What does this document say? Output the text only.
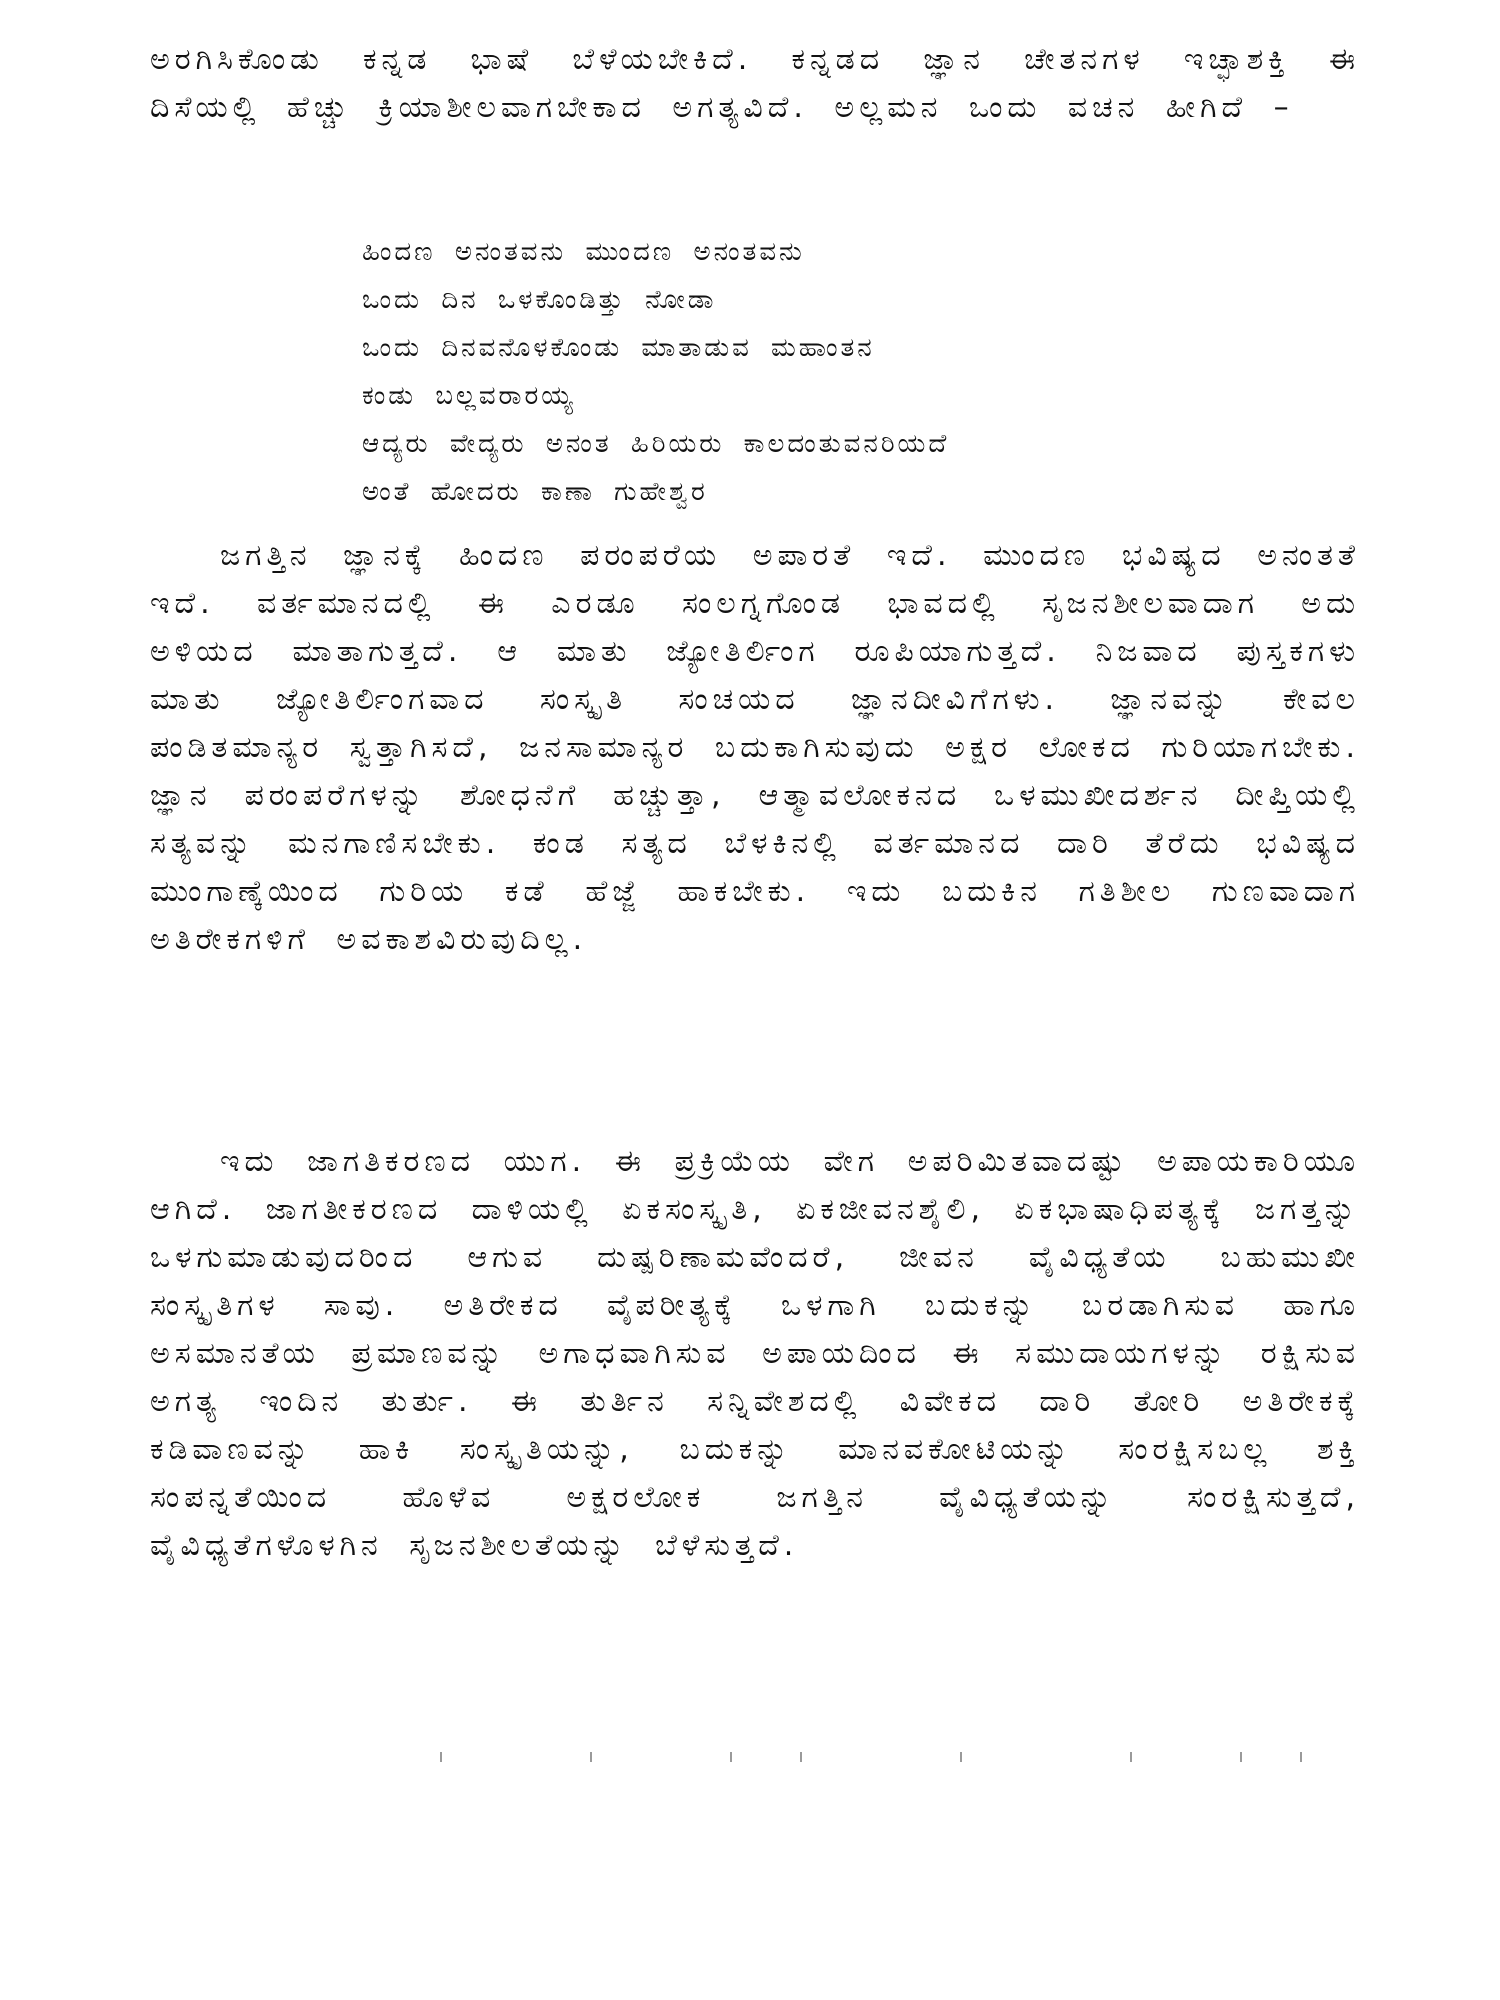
ಅರಗಿಸಿಕೊಂಡು ಕನ್ನಡ ಭಾಷೆ ಬೆಳೆಯಬೇಕಿದೆ. ಕನ್ನಡದ ಜ್ಞಾನ ಚೇತನಗಳ ಇಚ್ಛಾಶಕ್ತಿ ಈ ದಿಸೆಯಲ್ಲಿ ಹೆಚ್ಚು ಕ್ರಿಯಾಶೀಲವಾಗಬೇಕಾದ ಅಗತ್ಯವಿದೆ. ಅಲ್ಲಮನ ಒಂದು ವಚನ ಹೀಗಿದೆ –

ಹಿಂದಣ ಅನಂತವನು ಮುಂದಣ ಅನಂತವನು
ಒಂದು ದಿನ ಒಳಕೊಂಡಿತ್ತು ನೋಡಾ
ಒಂದು ದಿನವನೊಳಕೊಂಡು ಮಾತಾಡುವ ಮಹಾಂತನ
ಕಂಡು ಬಲ್ಲವರಾರಯ್ಯ
ಆದ್ಯರು ವೇದ್ಯರು ಅನಂತ ಹಿರಿಯರು ಕಾಲದಂತುವನರಿಯದೆ
ಅಂತೆ ಹೋದರು ಕಾಣಾ ಗುಹೇಶ್ವರ

ಜಗತ್ತಿನ ಜ್ಞಾನಕ್ಕೆ ಹಿಂದಣ ಪರಂಪರೆಯ ಅಪಾರತೆ ಇದೆ. ಮುಂದಣ ಭವಿಷ್ಯದ ಅನಂತತೆ ಇದೆ. ವರ್ತಮಾನದಲ್ಲಿ ಈ ಎರಡೂ ಸಂಲಗ್ನಗೊಂಡ ಭಾವದಲ್ಲಿ ಸೃಜನಶೀಲವಾದಾಗ ಅದು ಅಳಿಯದ ಮಾತಾಗುತ್ತದೆ. ಆ ಮಾತು ಜ್ಯೋತಿರ್ಲಿಂಗ ರೂಪಿಯಾಗುತ್ತದೆ. ನಿಜವಾದ ಪುಸ್ತಕಗಳು ಮಾತು ಜ್ಯೋತಿರ್ಲಿಂಗವಾದ ಸಂಸ್ಕೃತಿ ಸಂಚಯದ ಜ್ಞಾನದೀವಿಗೆಗಳು. ಜ್ಞಾನವನ್ನು ಕೇವಲ ಪಂಡಿತಮಾನ್ಯರ ಸ್ವತ್ತಾಗಿಸದೆ, ಜನಸಾಮಾನ್ಯರ ಬದುಕಾಗಿಸುವುದು ಅಕ್ಷರ ಲೋಕದ ಗುರಿಯಾಗಬೇಕು. ಜ್ಞಾನ ಪರಂಪರೆಗಳನ್ನು ಶೋಧನೆಗೆ ಹಚ್ಚುತ್ತಾ, ಆತ್ಮಾವಲೋಕನದ ಒಳಮುಖೀದರ್ಶನ ದೀಪ್ತಿಯಲ್ಲಿ ಸತ್ಯವನ್ನು ಮನಗಾಣಿಸಬೇಕು. ಕಂಡ ಸತ್ಯದ ಬೆಳಕಿನಲ್ಲಿ ವರ್ತಮಾನದ ದಾರಿ ತೆರೆದು ಭವಿಷ್ಯದ ಮುಂಗಾಣ್ಕೆಯಿಂದ ಗುರಿಯ ಕಡೆ ಹೆಜ್ಜೆ ಹಾಕಬೇಕು. ಇದು ಬದುಕಿನ ಗತಿಶೀಲ ಗುಣವಾದಾಗ ಅತಿರೇಕಗಳಿಗೆ ಅವಕಾಶವಿರುವುದಿಲ್ಲ.

ಇದು ಜಾಗತಿಕರಣದ ಯುಗ. ಈ ಪ್ರಕ್ರಿಯೆಯ ವೇಗ ಅಪರಿಮಿತವಾದಷ್ಟು ಅಪಾಯಕಾರಿಯೂ ಆಗಿದೆ. ಜಾಗತೀಕರಣದ ದಾಳಿಯಲ್ಲಿ ಏಕಸಂಸ್ಕೃತಿ, ಏಕಜೀವನಶೈಲಿ, ಏಕಭಾಷಾಧಿಪತ್ಯಕ್ಕೆ ಜಗತ್ತನ್ನು ಒಳಗುಮಾಡುವುದರಿಂದ ಆಗುವ ದುಷ್ಪರಿಣಾಮವೆಂದರೆ, ಜೀವನ ವೈವಿಧ್ಯತೆಯ ಬಹುಮುಖೀ ಸಂಸ್ಕೃತಿಗಳ ಸಾವು. ಅತಿರೇಕದ ವೈಪರೀತ್ಯಕ್ಕೆ ಒಳಗಾಗಿ ಬದುಕನ್ನು ಬರಡಾಗಿಸುವ ಹಾಗೂ ಅಸಮಾನತೆಯ ಪ್ರಮಾಣವನ್ನು ಅಗಾಧವಾಗಿಸುವ ಅಪಾಯದಿಂದ ಈ ಸಮುದಾಯಗಳನ್ನು ರಕ್ಷಿಸುವ ಅಗತ್ಯ ಇಂದಿನ ತುರ್ತು. ಈ ತುರ್ತಿನ ಸನ್ನಿವೇಶದಲ್ಲಿ ವಿವೇಕದ ದಾರಿ ತೋರಿ ಅತಿರೇಕಕ್ಕೆ ಕಡಿವಾಣವನ್ನು ಹಾಕಿ ಸಂಸ್ಕೃತಿಯನ್ನು, ಬದುಕನ್ನು ಮಾನವಕೋಟಿಯನ್ನು ಸಂರಕ್ಷಿಸಬಲ್ಲ ಶಕ್ತಿ ಸಂಪನ್ನತೆಯಿಂದ ಹೊಳೆವ ಅಕ್ಷರಲೋಕ ಜಗತ್ತಿನ ವೈವಿಧ್ಯತೆಯನ್ನು ಸಂರಕ್ಷಿಸುತ್ತದೆ, ವೈವಿಧ್ಯತೆಗಳೊಳಗಿನ ಸೃಜನಶೀಲತೆಯನ್ನು ಬೆಳೆಸುತ್ತದೆ.
